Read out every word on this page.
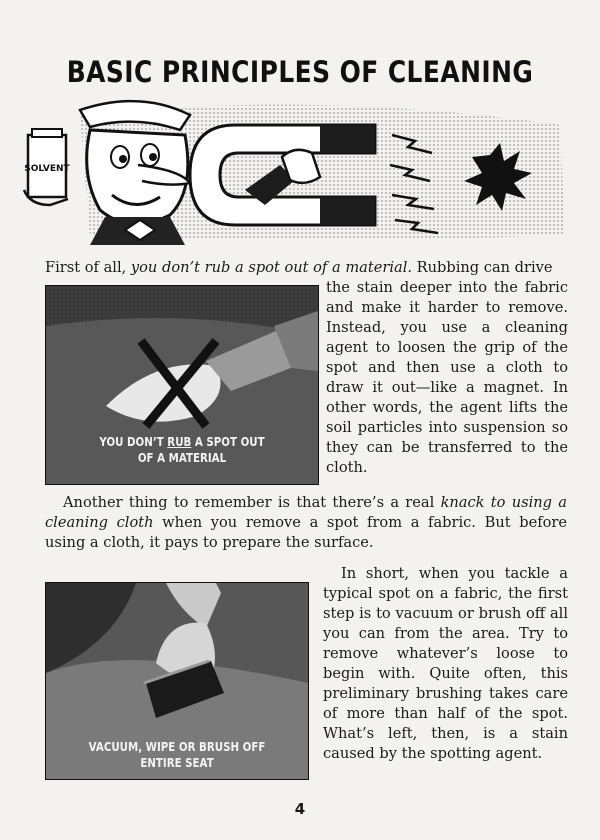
BASIC PRINCIPLES OF CLEANING
SOLVENT
First of all, you don’t rub a spot out of a material. Rubbing can drive
YOU DON’T RUB A SPOT OUT
OF A MATERIAL
the stain deeper into the fabric and make it harder to remove. Instead, you use a cleaning agent to loosen the grip of the spot and then use a cloth to draw it out—like a magnet. In other words, the agent lifts the soil particles into suspension so they can be transferred to the cloth.
Another thing to remember is that there’s a real knack to using a cleaning cloth when you remove a spot from a fabric. But before using a cloth, it pays to prepare the surface.
VACUUM, WIPE OR BRUSH OFF
ENTIRE SEAT
In short, when you tackle a typical spot on a fabric, the first step is to vacuum or brush off all you can from the area. Try to remove whatever’s loose to begin with. Quite often, this preliminary brushing takes care of more than half of the spot. What’s left, then, is a stain caused by the spotting agent.
4
